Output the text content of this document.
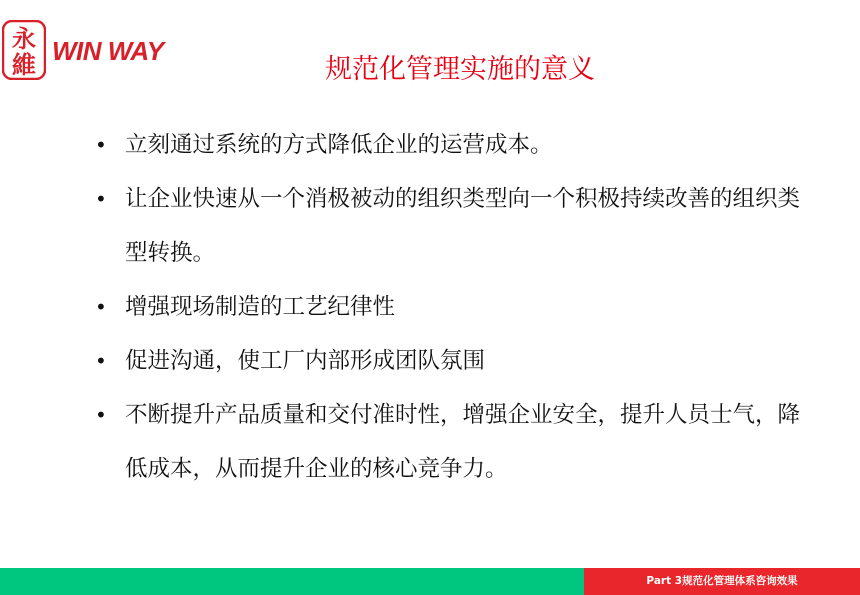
永
維 WIN WAY
规范化管理实施的意义
• 立刻通过系统的方式降低企业的运营成本。
• 让企业快速从一个消极被动的组织类型向一个积极持续改善的组织类型转换。
• 增强现场制造的工艺纪律性
• 促进沟通，使工厂内部形成团队氛围
• 不断提升产品质量和交付准时性，增强企业安全，提升人员士气，降低成本，从而提升企业的核心竞争力。
Part 3规范化管理体系咨询效果
